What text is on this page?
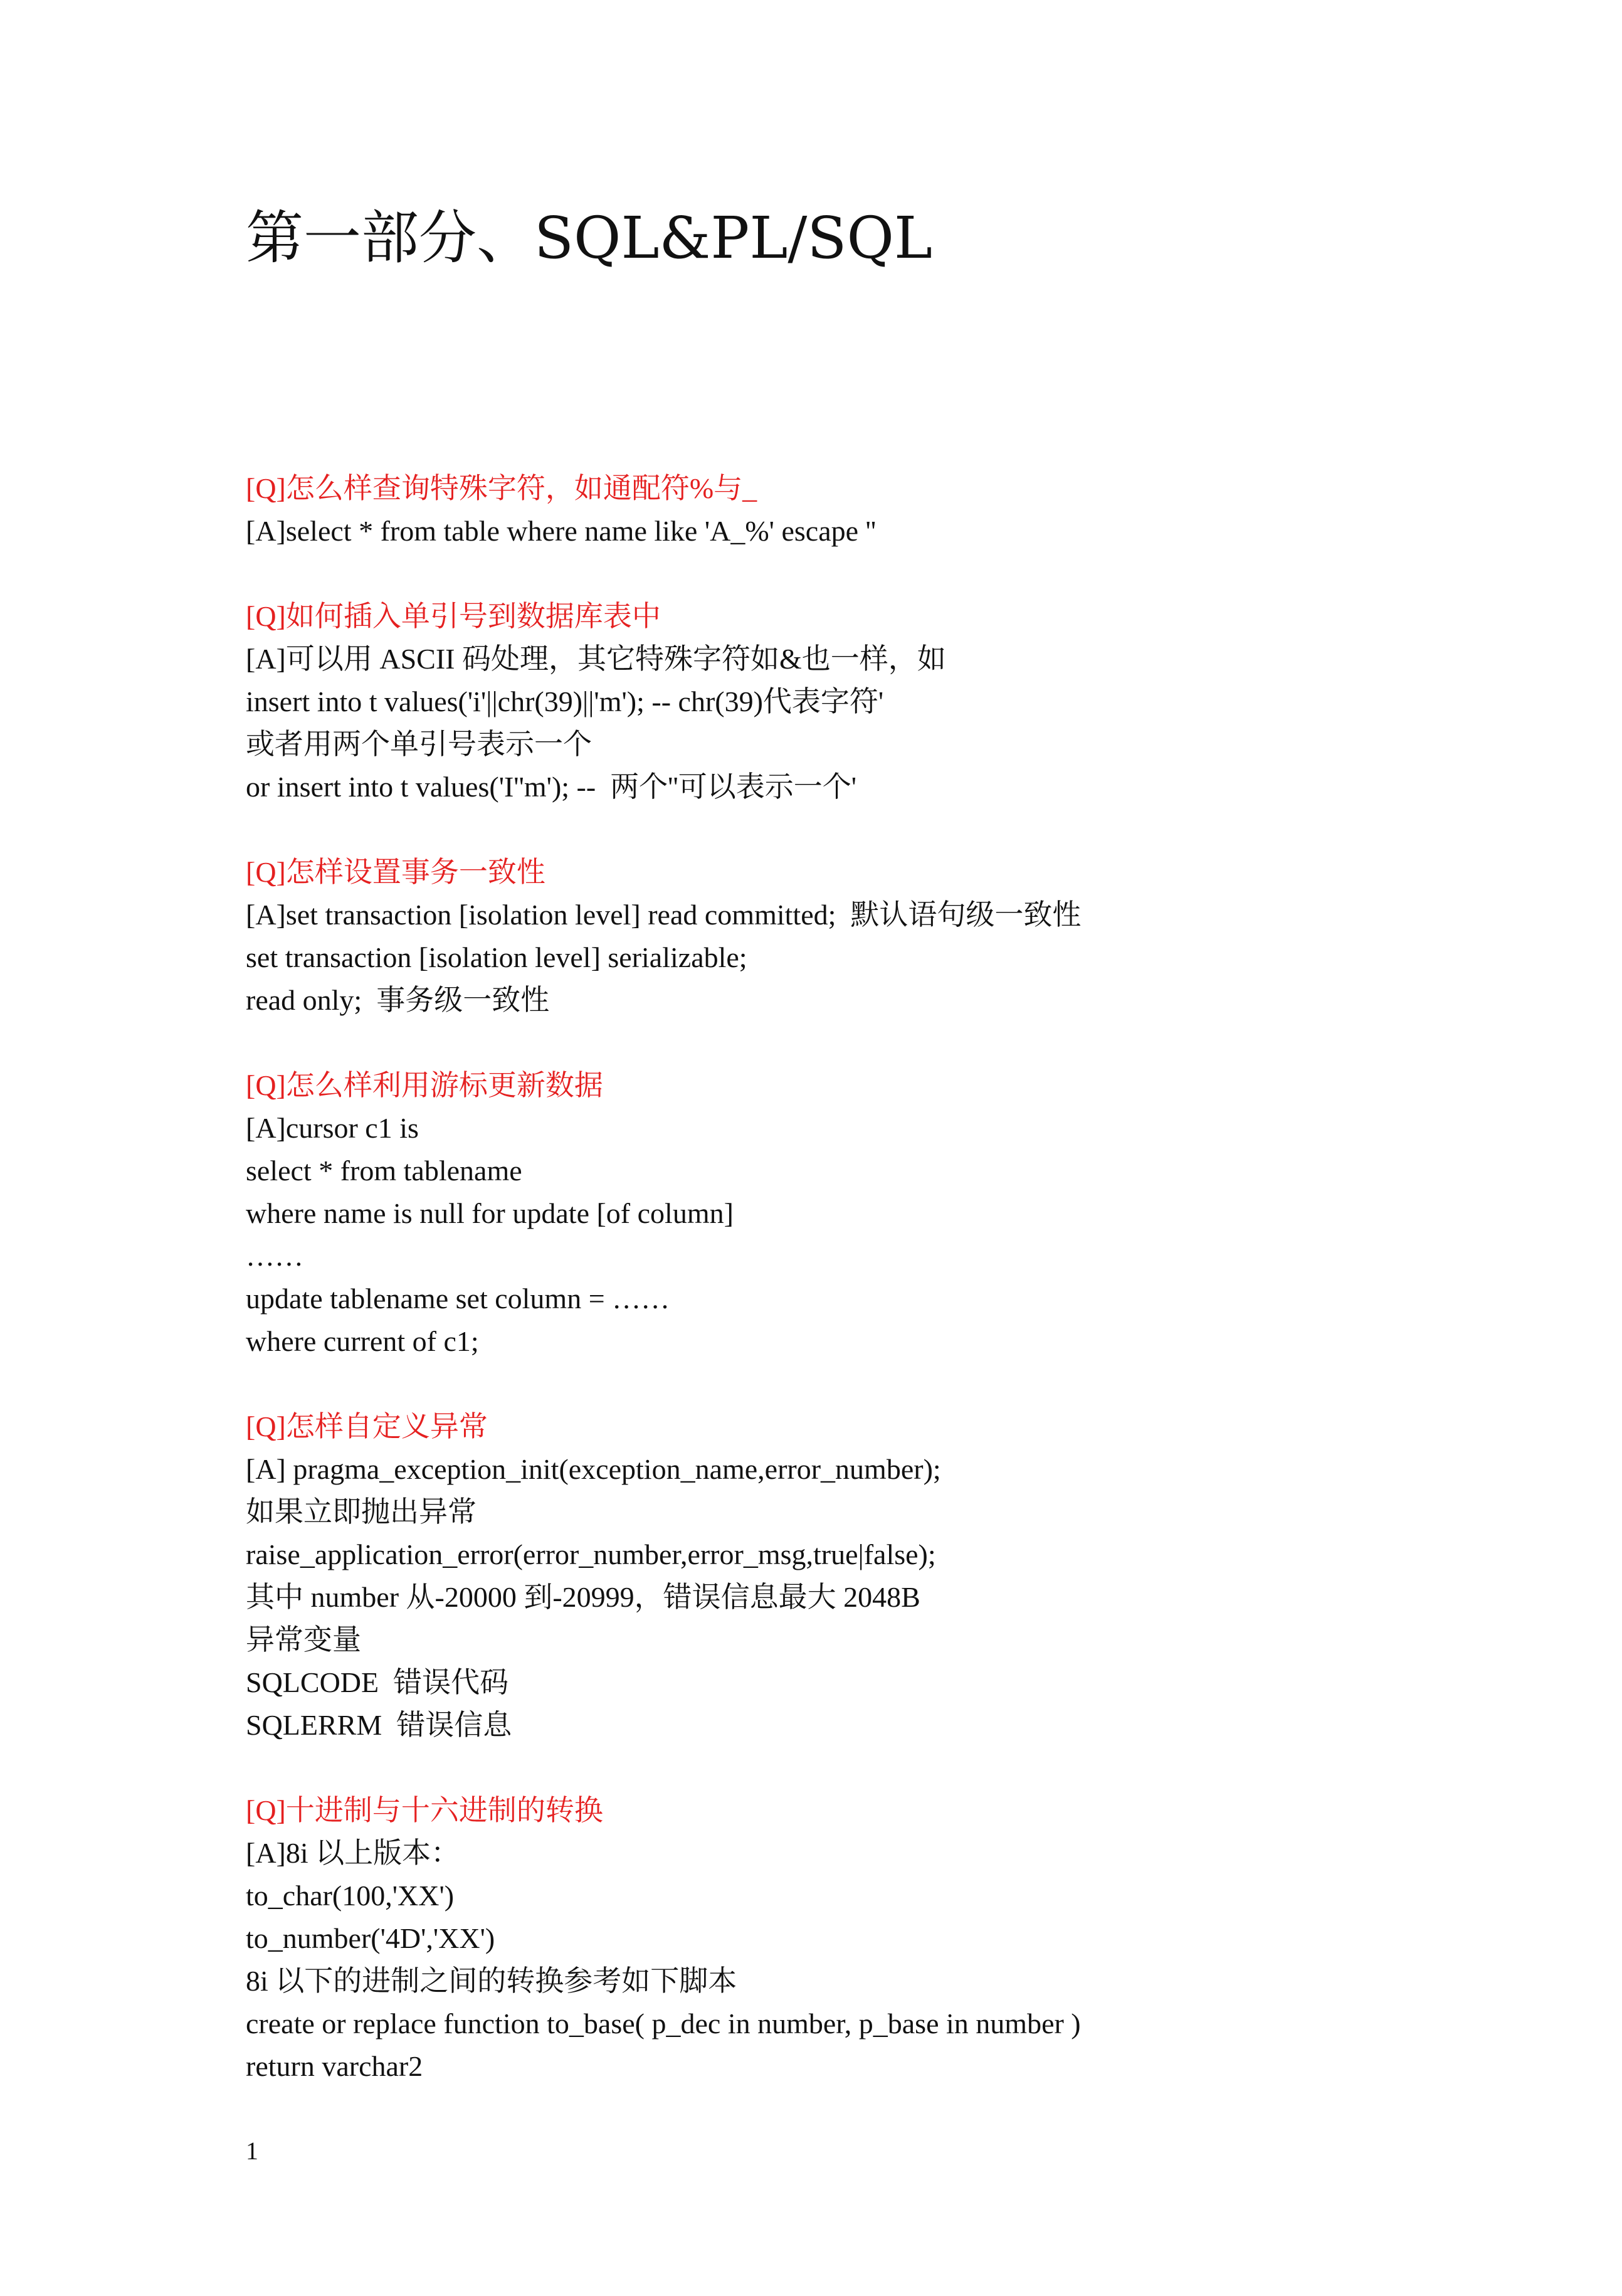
第一部分、SQL&PL/SQL

[Q]怎么样查询特殊字符，如通配符%与_

[A]select * from table where name like 'A_%' escape ''

[Q]如何插入单引号到数据库表中

[A]可以用 ASCII 码处理，其它特殊字符如&也一样，如

insert into t values('i'||chr(39)||'m'); -- chr(39)代表字符'

或者用两个单引号表示一个

or insert into t values('I''m'); --  两个''可以表示一个'

[Q]怎样设置事务一致性

[A]set transaction [isolation level] read committed;  默认语句级一致性

set transaction [isolation level] serializable;

read only;  事务级一致性

[Q]怎么样利用游标更新数据

[A]cursor c1 is

select * from tablename

where name is null for update [of column]

……

update tablename set column = ……

where current of c1;

[Q]怎样自定义异常

[A] pragma_exception_init(exception_name,error_number);

如果立即抛出异常

raise_application_error(error_number,error_msg,true|false);

其中 number 从-20000 到-20999，错误信息最大 2048B

异常变量

SQLCODE  错误代码

SQLERRM  错误信息

[Q]十进制与十六进制的转换

[A]8i 以上版本：

to_char(100,'XX')

to_number('4D','XX')

8i 以下的进制之间的转换参考如下脚本

create or replace function to_base( p_dec in number, p_base in number )

return varchar2

1
